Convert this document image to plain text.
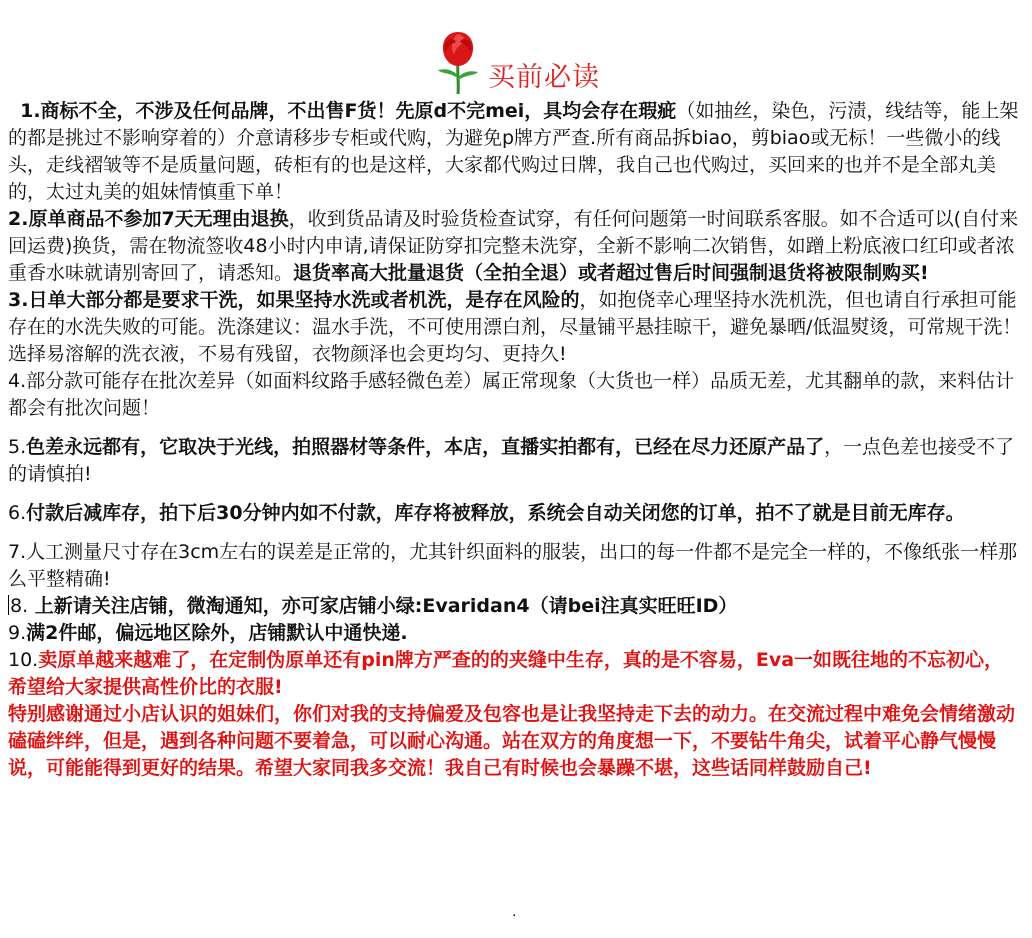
买前必读

1.商标不全，不涉及任何品牌，不出售F货！先原d不完mei，具均会存在瑕疵（如抽丝，染色，污渍，线结等，能上架的都是挑过不影响穿着的）介意请移步专柜或代购，为避免p牌方严查.所有商品拆biao，剪biao或无标！一些微小的线头，走线褶皱等不是质量问题，砖柜有的也是这样，大家都代购过日牌，我自己也代购过，买回来的也并不是全部丸美的，太过丸美的姐妹情慎重下单！

2.原单商品不参加7天无理由退换，收到货品请及时验货检查试穿，有任何问题第一时间联系客服。如不合适可以(自付来回运费)换货，需在物流签收48小时内申请,请保证防穿扣完整未洗穿，全新不影响二次销售，如蹭上粉底液口红印或者浓重香水味就请别寄回了，请悉知。退货率高大批量退货（全拍全退）或者超过售后时间强制退货将被限制购买!

3.日单大部分都是要求干洗，如果坚持水洗或者机洗，是存在风险的，如抱侥幸心理坚持水洗机洗，但也请自行承担可能存在的水洗失败的可能。洗涤建议：温水手洗，不可使用漂白剂，尽量铺平悬挂晾干，避免暴晒/低温熨烫，可常规干洗！选择易溶解的洗衣液，不易有残留，衣物颜泽也会更均匀、更持久!

4.部分款可能存在批次差异（如面料纹路手感轻微色差）属正常现象（大货也一样）品质无差，尤其翻单的款，来料估计都会有批次问题！

5.色差永远都有，它取决于光线，拍照器材等条件，本店，直播实拍都有，已经在尽力还原产品了，一点色差也接受不了的请慎拍!

6.付款后减库存，拍下后30分钟内如不付款，库存将被释放，系统会自动关闭您的订单，拍不了就是目前无库存。

7.人工测量尺寸存在3cm左右的误差是正常的，尤其针织面料的服装，出口的每一件都不是完全一样的，不像纸张一样那么平整精确!

8. 上新请关注店铺，微淘通知，亦可家店铺小绿:Evaridan4（请bei注真实旺旺ID）

9.满2件邮，偏远地区除外，店铺默认中通快递.

10.卖原单越来越难了，在定制伪原单还有pin牌方严查的的夹缝中生存，真的是不容易，Eva一如既往地的不忘初心，希望给大家提供高性价比的衣服!

特别感谢通过小店认识的姐妹们，你们对我的支持偏爱及包容也是让我坚持走下去的动力。在交流过程中难免会情绪激动磕磕绊绊，但是，遇到各种问题不要着急，可以耐心沟通。站在双方的角度想一下，不要钻牛角尖，试着平心静气慢慢说，可能能得到更好的结果。希望大家同我多交流！我自己有时候也会暴躁不堪，这些话同样鼓励自己!

.
